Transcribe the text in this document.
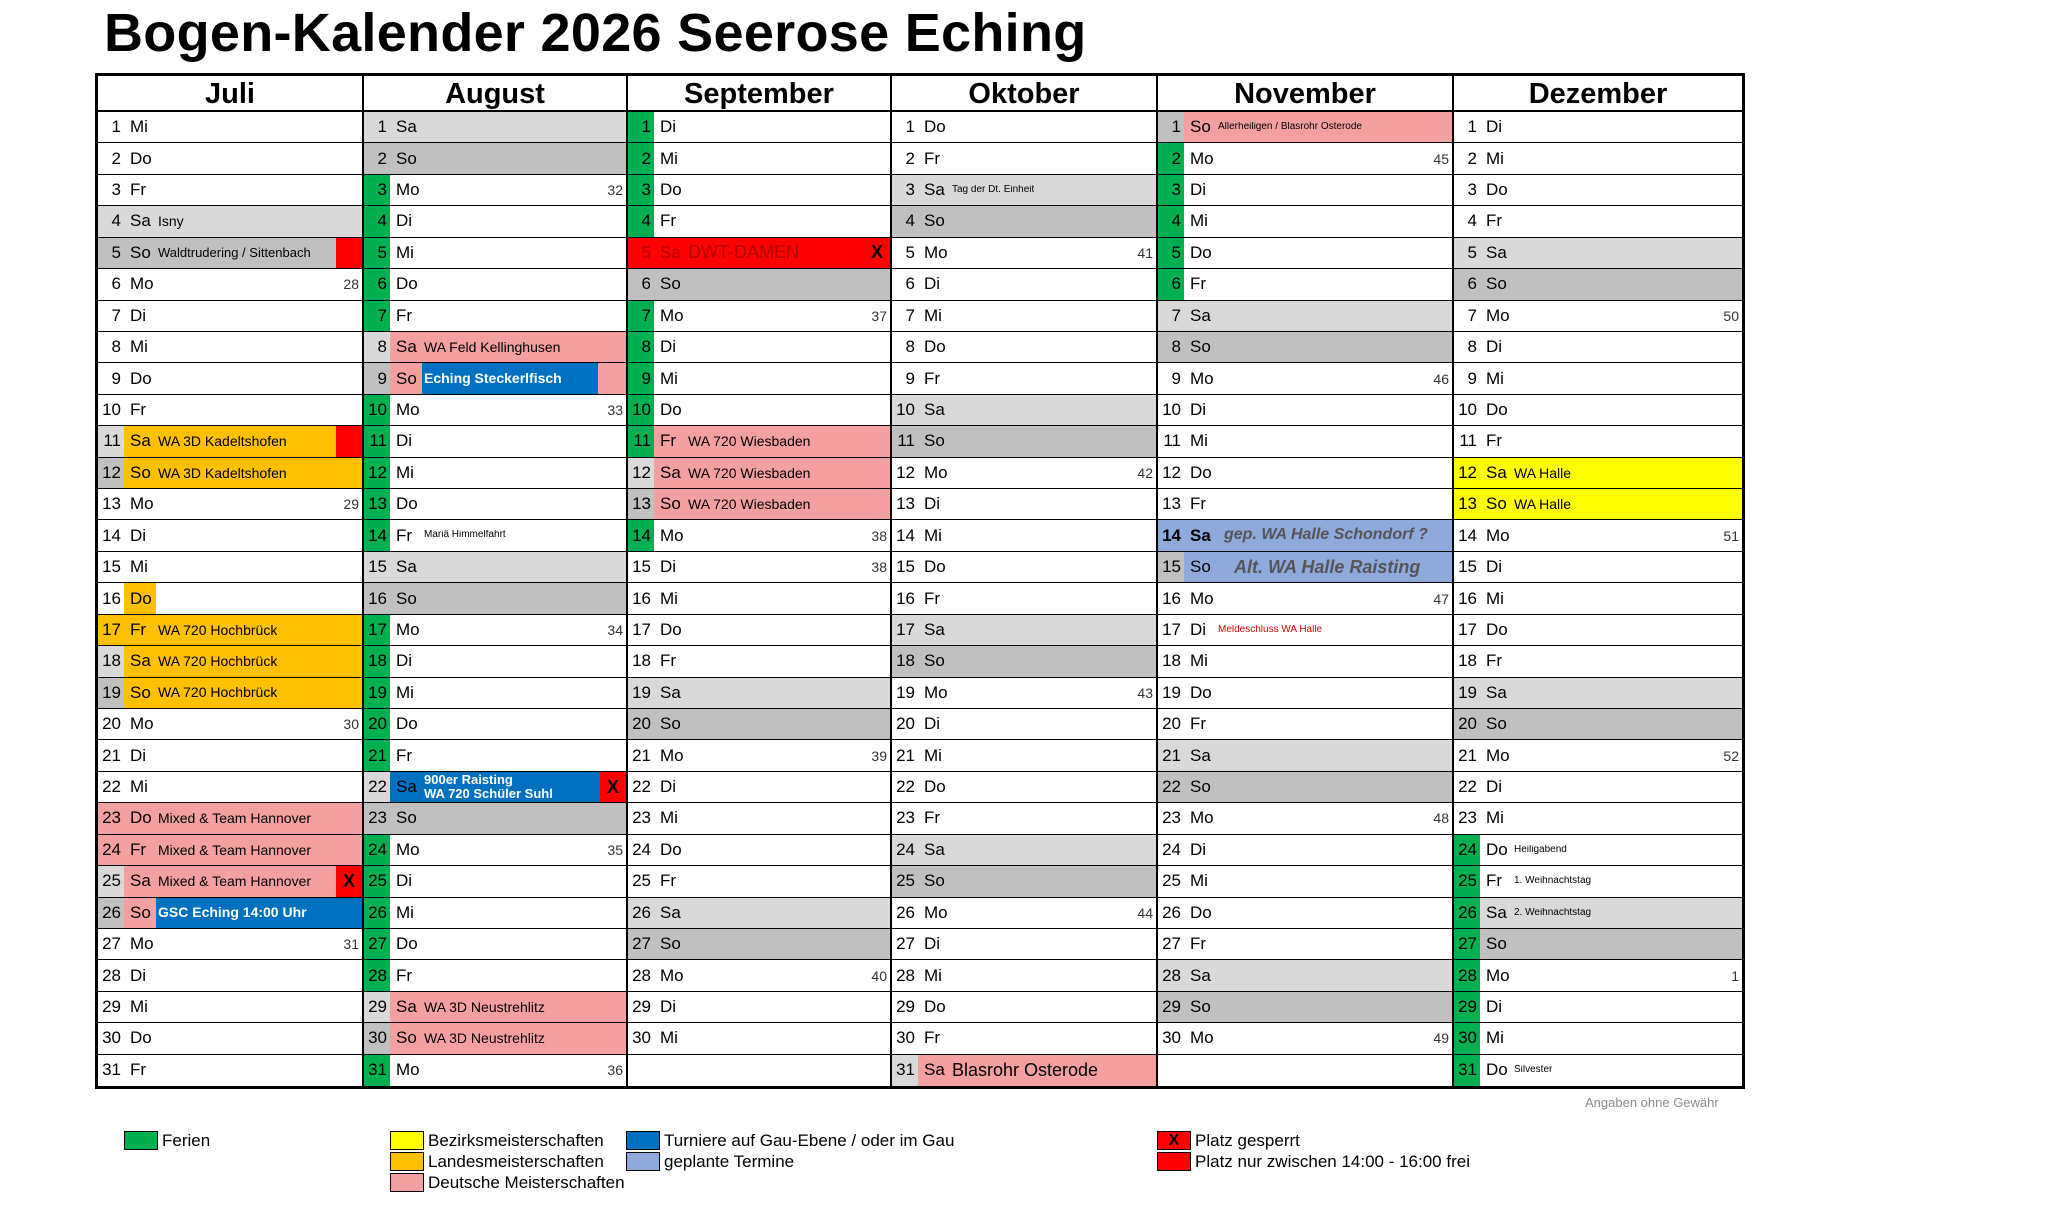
Bogen-Kalender 2026 Seerose Eching
Juli
1 Mi
2 Do
3 Fr
4 Sa Isny
5 So Waldtrudering / Sittenbach
6 Mo	28
7 Di
8 Mi
9 Do
10 Fr
11 Sa WA 3D Kadeltshofen
12 So WA 3D Kadeltshofen
13 Mo	29
14 Di
15 Mi
16 Do
17 Fr WA 720 Hochbrück
18 Sa WA 720 Hochbrück
19 So WA 720 Hochbrück
20 Mo	30
21 Di
22 Mi
23 Do Mixed & Team Hannover
24 Fr Mixed & Team Hannover
25 Sa Mixed & Team Hannover	X
26 So GSC Eching 14:00 Uhr
27 Mo	31
28 Di
29 Mi
30 Do
31 Fr
August
1 Sa
2 So
3 Mo	32
4 Di
5 Mi
6 Do
7 Fr
8 Sa WA Feld Kellinghusen
9 So Eching Steckerlfisch
10 Mo	33
11 Di
12 Mi
13 Do
14 Fr	Mariä Himmelfahrt
15 Sa
16 So
17 Mo	34
18 Di
19 Mi
20 Do
21 Fr
22 Sa 900er Raisting
WA 720 Schüler Suhl	X
23 So
24 Mo	35
25 Di
26 Mi
27 Do
28 Fr
29 Sa WA 3D Neustrehlitz
30 So WA 3D Neustrehlitz
31 Mo	36
September
1 Di
2 Mi
3 Do
4 Fr
5 Sa DWT-DAMEN	X
6 So
7 Mo	37
8 Di
9 Mi
10 Do
11 Fr WA 720 Wiesbaden
12 Sa WA 720 Wiesbaden
13 So WA 720 Wiesbaden
14 Mo	38
15 Di	38
16 Mi
17 Do
18 Fr
19 Sa
20 So
21 Mo	39
22 Di
23 Mi
24 Do
25 Fr
26 Sa
27 So
28 Mo	40
29 Di
30 Mi
Oktober
1 Do
2 Fr
3 Sa Tag der Dt. Einheit
4 So
5 Mo	41
6 Di
7 Mi
8 Do
9 Fr
10 Sa
11 So
12 Mo	42
13 Di
14 Mi
15 Do
16 Fr
17 Sa
18 So
19 Mo	43
20 Di
21 Mi
22 Do
23 Fr
24 Sa
25 So
26 Mo	44
27 Di
28 Mi
29 Do
30 Fr
31 Sa Blasrohr Osterode
November
1 So Allerheiligen / Blasrohr Osterode
2 Mo	45
3 Di
4 Mi
5 Do
6 Fr
7 Sa
8 So
9 Mo	46
10 Di
11 Mi
12 Do
13 Fr
14 Sa gep. WA Halle Schondorf ?
15 So	Alt. WA Halle Raisting
16 Mo	47
17 Di	Meldeschluss WA Halle
18 Mi
19 Do
20 Fr
21 Sa
22 So
23 Mo	48
24 Di
25 Mi
26 Do
27 Fr
28 Sa
29 So
30 Mo	49
Dezember
1 Di
2 Mi
3 Do
4 Fr
5 Sa
6 So
7 Mo	50
8 Di
9 Mi
10 Do
11 Fr
12 Sa WA Halle
13 So WA Halle
14 Mo	51
15 Di
16 Mi
17 Do
18 Fr
19 Sa
20 So
21 Mo	52
22 Di
23 Mi
24 Do Heiligabend
25 Fr	1. Weihnachtstag
26 Sa 2. Weihnachtstag
27 So
28 Mo	1
29 Di
30 Mi
31 Do Silvester
Angaben ohne Gewähr
Ferien	Bezirksmeisterschaften
Landesmeisterschaften
Deutsche Meisterschaften
Turniere auf Gau-Ebene / oder im Gau
geplante Termine
X Platz gesperrt
Platz nur zwischen 14:00 - 16:00 frei
